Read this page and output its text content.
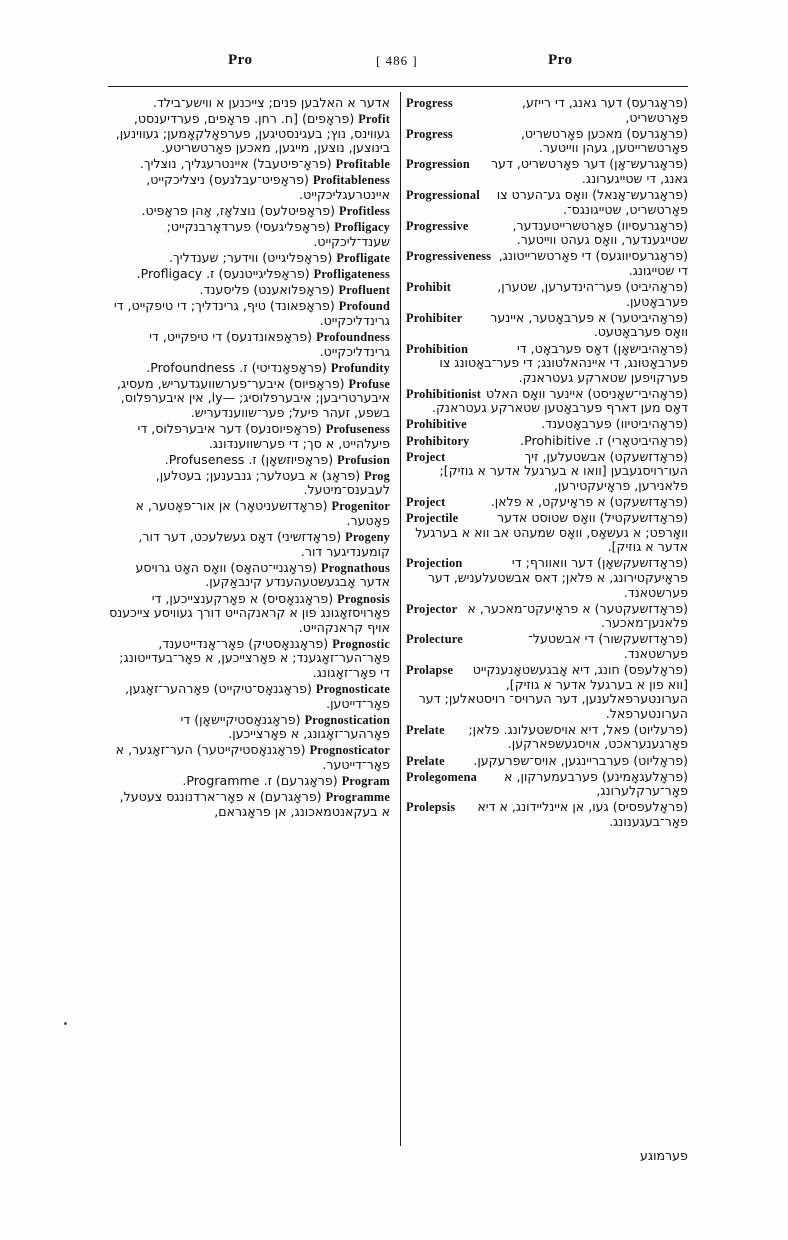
Pro	[ 486 ]	Pro
אדער א האלבען פנים; צייכנען א ווישע־בילד.
Profit
(פראָפים) [ח. רחן. פראָפים, פערדיענסט, געווינס, נוץ; בעגינסטיגען, פערפאָלקאָמען; געווינען, בינוצען, נוצען, מייגען, מאכען פאָרטשריטע.
Profitable
(פראָ־פיטעבל) איינטרעגליך, נוצליך.
Profitableness
(פראָפיט־עבלנעס) ניצליכקייט, איינטרעגליכקייט.
Profitless
(פראָפיטלעס) נוצלאָז, אָהן פראָפיט.
Profligacy
(פראָפליגעסי) פערדאָרבנקייט; שענד־ליכקייט.
Profligate
(פראָפליגייט) ווידער; שענדליך.
Profligateness
(פראָפליגייטנעס) ז. Profligacy.
Profluent
(פראָפלואענט) פליסענד.
Profound
(פראָפאונד) טיף, גרינדליך; די טיפקייט, די גרינדליכקייט.
Profoundness
(פראָפאונדנעס) די טיפקייט, די גרינדליכקייט.
Profundity
(פראָפאָנדיטי) ז. Profoundness.
Profuse
(פראָפיוס) איבער־פערשוועגדעריש, מעסיג, איבערטריבען; איבערפלוסיג; —ly, אין איבערפלוס, בשפע, זעהר פיעל; פער־שווענדעריש.
Profuseness
(פראָפיוסנעס) דער איבערפלוס, די פיעלהייט, א סך; די פערשווענדונג.
Profusion
(פראָפיוזשאָן) ז. Profuseness.
Prog
(פראָג) א בעטלער; גנבענען; בעטלען, לעבענס־מיטעל.
Progenitor
(פראָדזשעניטאָר) אן אור־פאָטער, א פאָטער.
Progeny
(פראָדזשיני) דאָס געשלעכט, דער דור, קומענדיגער דור.
Prognathous
(פראָגניי־טהאָס) וואָס האָט גרויסע אדער אָבגעשטעהענדע קינבאַקען.
Prognosis
(פראָגנאָסיס) א פאָרקענצייכען, די פאָרויסזאָגונג פון א קראנקהייט דורך געוויסע צייכענס אויף קראנקהייט.
Prognostic
(פראָגנאָסטיק) פאָר־אָנדייטענד, פאָר־הער־זאָגענד; א פאָרצייכען, א פאָר־בעדייטונג; די פאָר־זאָגונג.
Prognosticate
(פראָגנאָס־טיקייט) פאָרהער־זאָגען, פאָר־דייטען.
Prognostication
(פראָגנאָסטיקיישאָן) די פאָרהער־זאָגונג, א פאָרצייכען.
Prognosticator
(פראָגנאָסטיקייטער) הער־זאָגער, א פאָר־דייטער.
Program
(פראָגרעם) ז. Programme.
Programme
(פראָגרעם) א פאָר־ארדנונגס צעטעל, א בעקאנטמאכונג, אן פראָגראם,
Progress	(פראָגרעס) דער גאנג, די רייזע, פאָרטשריט,
Progress	(פראָגרעס) מאכען פאָרטשריט, פאָרטשרייטען, געהן ווייטער.
Progression (פראָגרעש־אָן) דער פאָרטשריט, דער גאנג, די שטייגערונג.
Progressional (פראָגרעש־אָנאל) וואָס גע־הערט צו פאָרטשריט, שטייגונגס־.
Progressive	(פראָגרעסיוו) פאָרטשרייטענדער, שטייגענדער, וואָס געהט ווייטער.
Progressiveness (פראָגרעסיווגעס) די פאָרטשרייטונג, די שטייגונג.
Prohibit	(פראָהיביט) פער־הינדערען, שטערן, פערבאָטען.
Prohibiter (פראָהיביטער) א פערבאָטער, איינער וואָס פערבאָטעט.
Prohibition	(פראָהיבישאָן) דאָס פערבאָט, די פערבאָטונג, די איינהאלטונג; די פער־באָטונג צו פערקויפען שטארקע געטראנק.
Prohibitionist (פראָהיבי־שאָניסט) איינער וואָס האלט דאָס מען דארף פערבאָטען שטארקע געטראנק.
Prohibitive	(פראָהיביטיוו) פערבאָטענד.
Prohibitory	(פראָהיביטאָרי) ז. Prohibitive.
Project	(פראָדזשעקט) אבשטעלען, זיך העו־רויסגעבען [וואו א בערגעל אדער א גוזיק]; פלאנירען, פראָיעקטירען,
Project	(פראָדזשעקט) א פראָיעקט, א פלאן.
Projectile	(פראָדזשעקטיל) וואָס שטוסט אדער וואָרפט; א געשאָס, וואָס שמעהט אב ווא א בערגעל אדער א גוזיק].
Projection	(פראָדזשעקשאָן) דער וואוורף; די פראָיעקטירונג, א פלאן; דאס אבשטעלעניש, דער פערשטאנד.
Projector (פראָדזשעקטער) א פראָיעקט־מאכער, א פלאנען־מאכער.
Prolecture	(פראָדזשעקשור) די אבשטעל־ פערשטאנד.
Prolapse (פראָלעפס) חונג, דיא אָבגעשטאָנענקייט [ווא פון א בערגעל אדער א גוזיק], הערונטערפאלענען, דער הערויס־ רויסטאלען; דער הערונטערפאל.
Prelate (פרעליוט) פאל, דיא אויסשטעלונג. פלאן; פאָרגענעראכט, אויסגעשפארקען.
Prelate (פראָליוט) פערבריינגען, אויס־שפרעקען.
Prolegomena (פראָלעגאָמינע) פערבעמערקון, א פאָר־ערקלערונג,
Prolepsis (פראָלעפסיס) געו, אן איינליידונג, א דיא פאָר־בעגענונג.
פערמוגע
